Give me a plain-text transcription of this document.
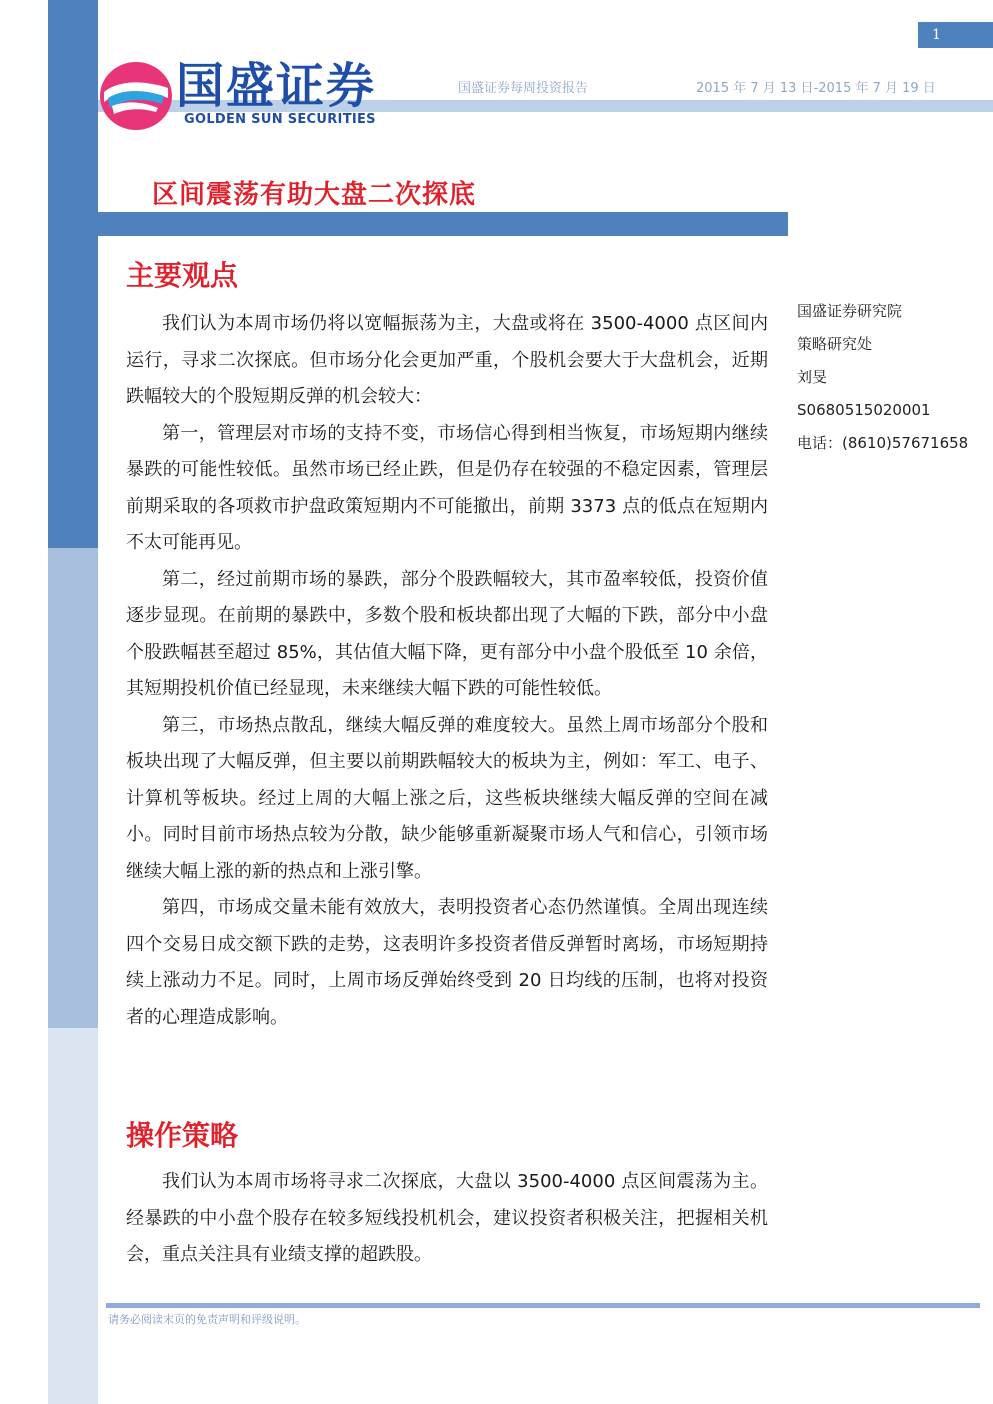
1
国盛证券
GOLDEN SUN SECURITIES
国盛证券每周投资报告	2015 年 7 月 13 日-2015 年 7 月 19 日
区间震荡有助大盘二次探底
主要观点

我们认为本周市场仍将以宽幅振荡为主，大盘或将在 3500-4000 点区间内运行，寻求二次探底。但市场分化会更加严重，个股机会要大于大盘机会，近期跌幅较大的个股短期反弹的机会较大：

第一，管理层对市场的支持不变，市场信心得到相当恢复，市场短期内继续暴跌的可能性较低。虽然市场已经止跌，但是仍存在较强的不稳定因素，管理层前期采取的各项救市护盘政策短期内不可能撤出，前期 3373 点的低点在短期内不太可能再见。

第二，经过前期市场的暴跌，部分个股跌幅较大，其市盈率较低，投资价值逐步显现。在前期的暴跌中，多数个股和板块都出现了大幅的下跌，部分中小盘个股跌幅甚至超过 85%，其估值大幅下降，更有部分中小盘个股低至 10 余倍，其短期投机价值已经显现，未来继续大幅下跌的可能性较低。

第三，市场热点散乱，继续大幅反弹的难度较大。虽然上周市场部分个股和板块出现了大幅反弹，但主要以前期跌幅较大的板块为主，例如：军工、电子、计算机等板块。经过上周的大幅上涨之后，这些板块继续大幅反弹的空间在减小。同时目前市场热点较为分散，缺少能够重新凝聚市场人气和信心，引领市场继续大幅上涨的新的热点和上涨引擎。

第四，市场成交量未能有效放大，表明投资者心态仍然谨慎。全周出现连续四个交易日成交额下跌的走势，这表明许多投资者借反弹暂时离场，市场短期持续上涨动力不足。同时，上周市场反弹始终受到 20 日均线的压制，也将对投资者的心理造成影响。

操作策略

我们认为本周市场将寻求二次探底，大盘以 3500-4000 点区间震荡为主。经暴跌的中小盘个股存在较多短线投机机会，建议投资者积极关注，把握相关机会，重点关注具有业绩支撑的超跌股。

国盛证券研究院
策略研究处
刘旻
S0680515020001
电话：(8610)57671658
请务必阅读末页的免责声明和评级说明。
